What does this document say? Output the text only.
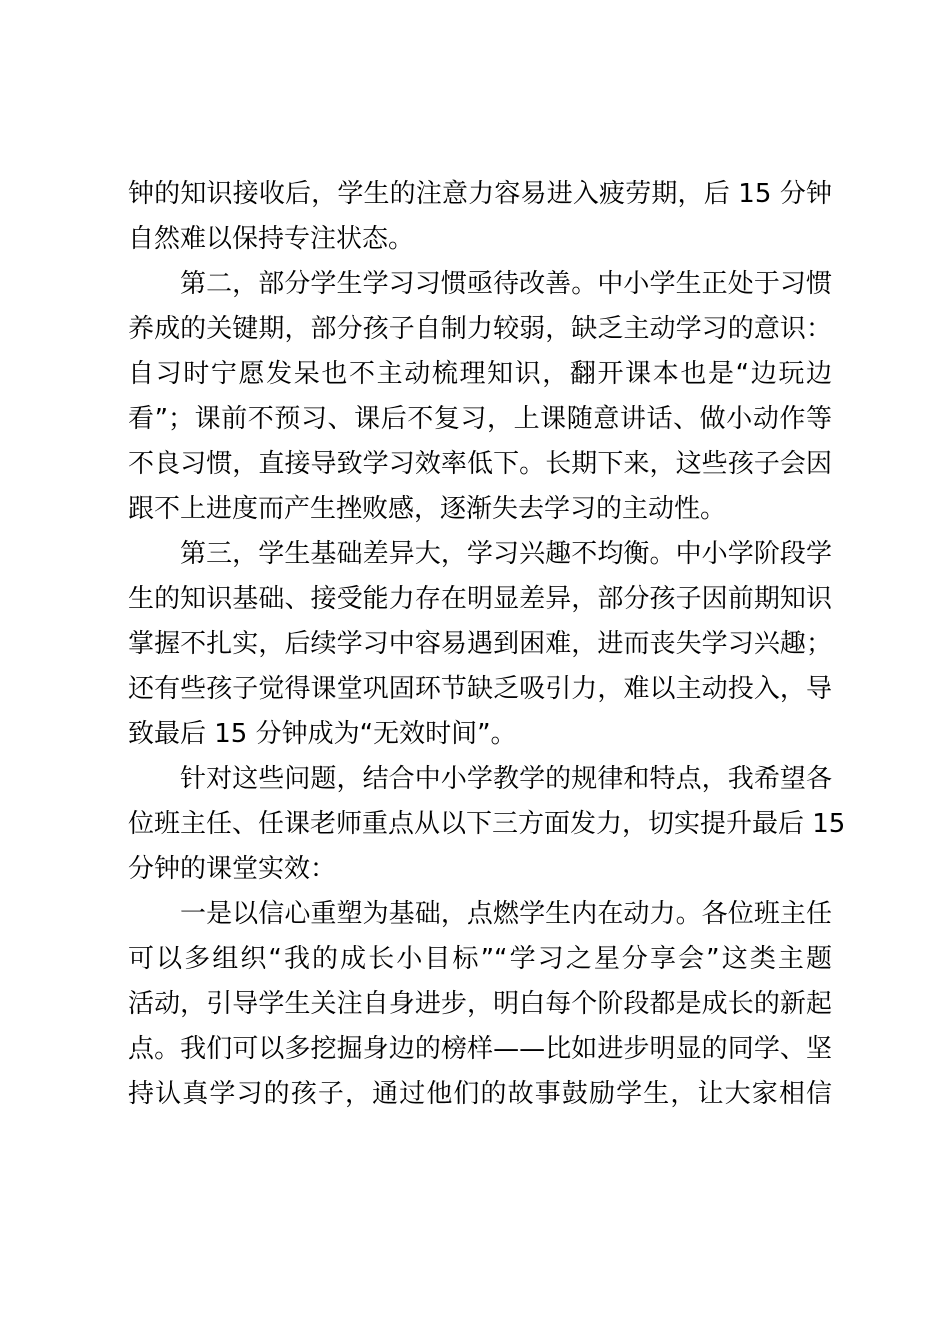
钟的知识接收后，学生的注意力容易进入疲劳期，后 15 分钟
自然难以保持专注状态。
第二，部分学生学习习惯亟待改善。中小学生正处于习惯
养成的关键期，部分孩子自制力较弱，缺乏主动学习的意识：
自习时宁愿发呆也不主动梳理知识，翻开课本也是“边玩边
看”；课前不预习、课后不复习，上课随意讲话、做小动作等
不良习惯，直接导致学习效率低下。长期下来，这些孩子会因
跟不上进度而产生挫败感，逐渐失去学习的主动性。
第三，学生基础差异大，学习兴趣不均衡。中小学阶段学
生的知识基础、接受能力存在明显差异，部分孩子因前期知识
掌握不扎实，后续学习中容易遇到困难，进而丧失学习兴趣；
还有些孩子觉得课堂巩固环节缺乏吸引力，难以主动投入，导
致最后 15 分钟成为“无效时间”。
针对这些问题，结合中小学教学的规律和特点，我希望各
位班主任、任课老师重点从以下三方面发力，切实提升最后 15
分钟的课堂实效：
一是以信心重塑为基础，点燃学生内在动力。各位班主任
可以多组织“我的成长小目标”“学习之星分享会”这类主题
活动，引导学生关注自身进步，明白每个阶段都是成长的新起
点。我们可以多挖掘身边的榜样——比如进步明显的同学、坚
持认真学习的孩子，通过他们的故事鼓励学生，让大家相信
